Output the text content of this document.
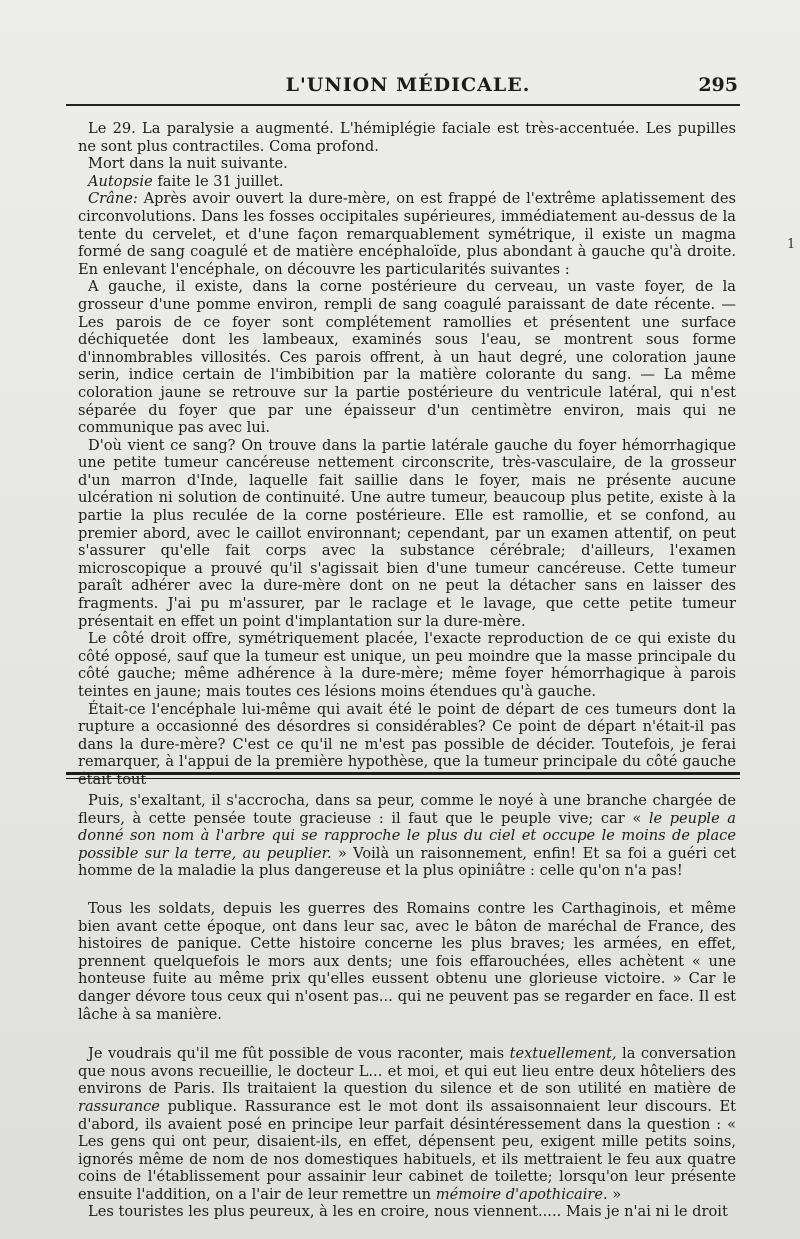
L'UNION MÉDICALE.	295
1

Le 29. La paralysie a augmenté. L'hémiplégie faciale est très-accentuée. Les pupilles ne sont plus contractiles. Coma profond.

Mort dans la nuit suivante.

Autopsie faite le 31 juillet.

Crâne: Après avoir ouvert la dure-mère, on est frappé de l'extrême aplatissement des circonvolutions. Dans les fosses occipitales supérieures, immédiatement au-dessus de la tente du cervelet, et d'une façon remarquablement symétrique, il existe un magma formé de sang coagulé et de matière encéphaloïde, plus abondant à gauche qu'à droite. En enlevant l'encéphale, on découvre les particularités suivantes :

A gauche, il existe, dans la corne postérieure du cerveau, un vaste foyer, de la grosseur d'une pomme environ, rempli de sang coagulé paraissant de date récente. — Les parois de ce foyer sont complétement ramollies et présentent une surface déchiquetée dont les lambeaux, examinés sous l'eau, se montrent sous forme d'innombrables villosités. Ces parois offrent, à un haut degré, une coloration jaune serin, indice certain de l'imbibition par la matière colorante du sang. — La même coloration jaune se retrouve sur la partie postérieure du ventricule latéral, qui n'est séparée du foyer que par une épaisseur d'un centimètre environ, mais qui ne communique pas avec lui.

D'où vient ce sang? On trouve dans la partie latérale gauche du foyer hémorrhagique une petite tumeur cancéreuse nettement circonscrite, très-vasculaire, de la grosseur d'un marron d'Inde, laquelle fait saillie dans le foyer, mais ne présente aucune ulcération ni solution de continuité. Une autre tumeur, beaucoup plus petite, existe à la partie la plus reculée de la corne postérieure. Elle est ramollie, et se confond, au premier abord, avec le caillot environnant; cependant, par un examen attentif, on peut s'assurer qu'elle fait corps avec la substance cérébrale; d'ailleurs, l'examen microscopique a prouvé qu'il s'agissait bien d'une tumeur cancéreuse. Cette tumeur paraît adhérer avec la dure-mère dont on ne peut la détacher sans en laisser des fragments. J'ai pu m'assurer, par le raclage et le lavage, que cette petite tumeur présentait en effet un point d'implantation sur la dure-mère.

Le côté droit offre, symétriquement placée, l'exacte reproduction de ce qui existe du côté opposé, sauf que la tumeur est unique, un peu moindre que la masse principale du côté gauche; même adhérence à la dure-mère; même foyer hémorrhagique à parois teintes en jaune; mais toutes ces lésions moins étendues qu'à gauche.

Était-ce l'encéphale lui-même qui avait été le point de départ de ces tumeurs dont la rupture a occasionné des désordres si considérables? Ce point de départ n'était-il pas dans la dure-mère? C'est ce qu'il ne m'est pas possible de décider. Toutefois, je ferai remarquer, à l'appui de la première hypothèse, que la tumeur principale du côté gauche était tout

Puis, s'exaltant, il s'accrocha, dans sa peur, comme le noyé à une branche chargée de fleurs, à cette pensée toute gracieuse : il faut que le peuple vive; car « le peuple a donné son nom à l'arbre qui se rapproche le plus du ciel et occupe le moins de place possible sur la terre, au peuplier. » Voilà un raisonnement, enfin! Et sa foi a guéri cet homme de la maladie la plus dangereuse et la plus opiniâtre : celle qu'on n'a pas!

Tous les soldats, depuis les guerres des Romains contre les Carthaginois, et même bien avant cette époque, ont dans leur sac, avec le bâton de maréchal de France, des histoires de panique. Cette histoire concerne les plus braves; les armées, en effet, prennent quelquefois le mors aux dents; une fois effarouchées, elles achètent « une honteuse fuite au même prix qu'elles eussent obtenu une glorieuse victoire. » Car le danger dévore tous ceux qui n'osent pas... qui ne peuvent pas se regarder en face. Il est lâche à sa manière.

Je voudrais qu'il me fût possible de vous raconter, mais textuellement, la conversation que nous avons recueillie, le docteur L... et moi, et qui eut lieu entre deux hôteliers des environs de Paris. Ils traitaient la question du silence et de son utilité en matière de rassurance publique. Rassurance est le mot dont ils assaisonnaient leur discours. Et d'abord, ils avaient posé en principe leur parfait désintéressement dans la question : « Les gens qui ont peur, disaient-ils, en effet, dépensent peu, exigent mille petits soins, ignorés même de nom de nos domestiques habituels, et ils mettraient le feu aux quatre coins de l'établissement pour assainir leur cabinet de toilette; lorsqu'on leur présente ensuite l'addition, on a l'air de leur remettre un mémoire d'apothicaire. »

Les touristes les plus peureux, à les en croire, nous viennent..... Mais je n'ai ni le droit
